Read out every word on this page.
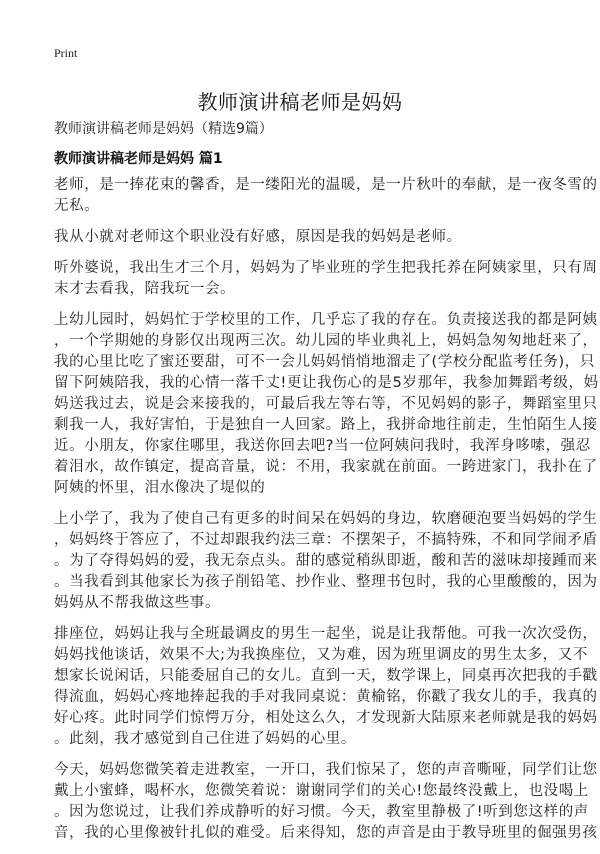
Print
教师演讲稿老师是妈妈
教师演讲稿老师是妈妈（精选9篇）
教师演讲稿老师是妈妈 篇1
老师，是一捧花束的馨香，是一缕阳光的温暖，是一片秋叶的奉献，是一夜冬雪的
无私。
我从小就对老师这个职业没有好感，原因是我的妈妈是老师。
听外婆说，我出生才三个月，妈妈为了毕业班的学生把我托养在阿姨家里，只有周
末才去看我，陪我玩一会。
上幼儿园时，妈妈忙于学校里的工作，几乎忘了我的存在。负责接送我的都是阿姨
，一个学期她的身影仅出现两三次。幼儿园的毕业典礼上，妈妈急匆匆地赶来了，
我的心里比吃了蜜还要甜，可不一会儿妈妈悄悄地溜走了(学校分配监考任务)，只
留下阿姨陪我，我的心情一落千丈!更让我伤心的是5岁那年，我参加舞蹈考级，妈
妈送我过去，说是会来接我的，可最后我左等右等，不见妈妈的影子，舞蹈室里只
剩我一人，我好害怕，于是独自一人回家。路上，我拼命地往前走，生怕陌生人接
近。小朋友，你家住哪里，我送你回去吧?当一位阿姨问我时，我浑身哆嗦，强忍
着泪水，故作镇定，提高音量，说：不用，我家就在前面。一跨进家门，我扑在了
阿姨的怀里，泪水像决了堤似的
上小学了，我为了使自己有更多的时间呆在妈妈的身边，软磨硬泡要当妈妈的学生
，妈妈终于答应了，不过却跟我约法三章：不摆架子，不搞特殊，不和同学闹矛盾
。为了夺得妈妈的爱，我无奈点头。甜的感觉稍纵即逝，酸和苦的滋味却接踵而来
。当我看到其他家长为孩子削铅笔、抄作业、整理书包时，我的心里酸酸的，因为
妈妈从不帮我做这些事。
排座位，妈妈让我与全班最调皮的男生一起坐，说是让我帮他。可我一次次受伤，
妈妈找他谈话，效果不大;为我换座位，又为难，因为班里调皮的男生太多，又不
想家长说闲话，只能委屈自己的女儿。直到一天，数学课上，同桌再次把我的手戳
得流血，妈妈心疼地捧起我的手对我同桌说：黄榆铭，你戳了我女儿的手，我真的
好心疼。此时同学们惊愕万分，相处这么久，才发现新大陆原来老师就是我的妈妈
。此刻，我才感觉到自己住进了妈妈的心里。
今天，妈妈您微笑着走进教室，一开口，我们惊呆了，您的声音嘶哑，同学们让您
戴上小蜜蜂，喝杯水，您微笑着说：谢谢同学们的关心!您最终没戴上，也没喝上
。因为您说过，让我们养成静听的好习惯。今天，教室里静极了!听到您这样的声
音，我的心里像被针扎似的难受。后来得知，您的声音是由于教导班里的倔强男孩
